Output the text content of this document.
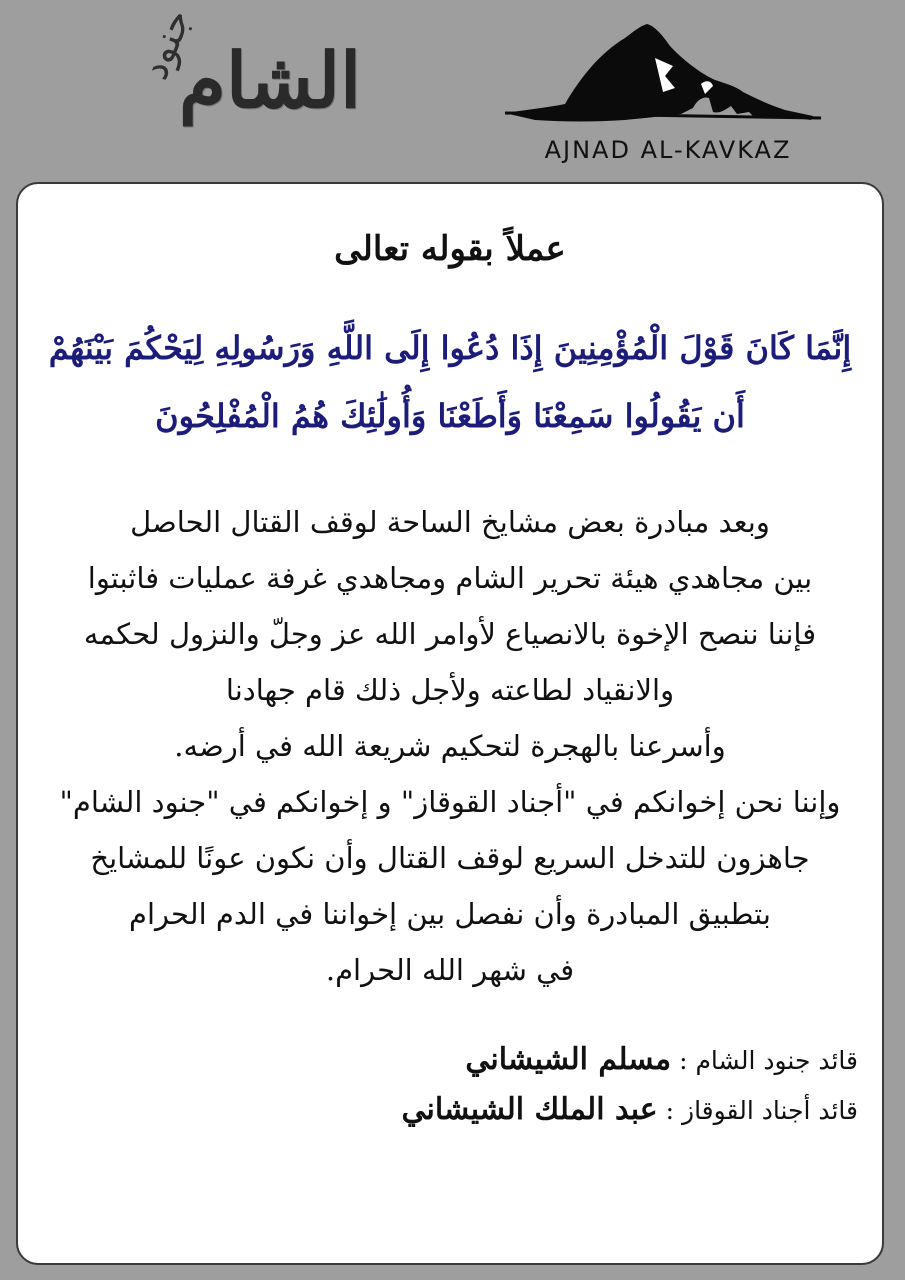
الشام
جنود
AJNAD AL-KAVKAZ
عملاً بقوله تعالى
إِنَّمَا كَانَ قَوْلَ الْمُؤْمِنِينَ إِذَا دُعُوا إِلَى اللَّهِ وَرَسُولِهِ لِيَحْكُمَ بَيْنَهُمْ
أَن يَقُولُوا سَمِعْنَا وَأَطَعْنَا وَأُولَٰئِكَ هُمُ الْمُفْلِحُونَ
وبعد مبادرة بعض مشايخ الساحة لوقف القتال الحاصل
بين مجاهدي هيئة تحرير الشام ومجاهدي غرفة عمليات فاثبتوا
فإننا ننصح الإخوة بالانصياع لأوامر الله عز وجلّ والنزول لحكمه
والانقياد لطاعته ولأجل ذلك قام جهادنا
وأسرعنا بالهجرة لتحكيم شريعة الله في أرضه.
وإننا نحن إخوانكم في "أجناد القوقاز" و إخوانكم في "جنود الشام"
جاهزون للتدخل السريع لوقف القتال وأن نكون عونًا للمشايخ
بتطبيق المبادرة وأن نفصل بين إخواننا في الدم الحرام
في شهر الله الحرام.
قائد جنود الشام : مسلم الشيشاني
قائد أجناد القوقاز : عبد الملك الشيشاني
